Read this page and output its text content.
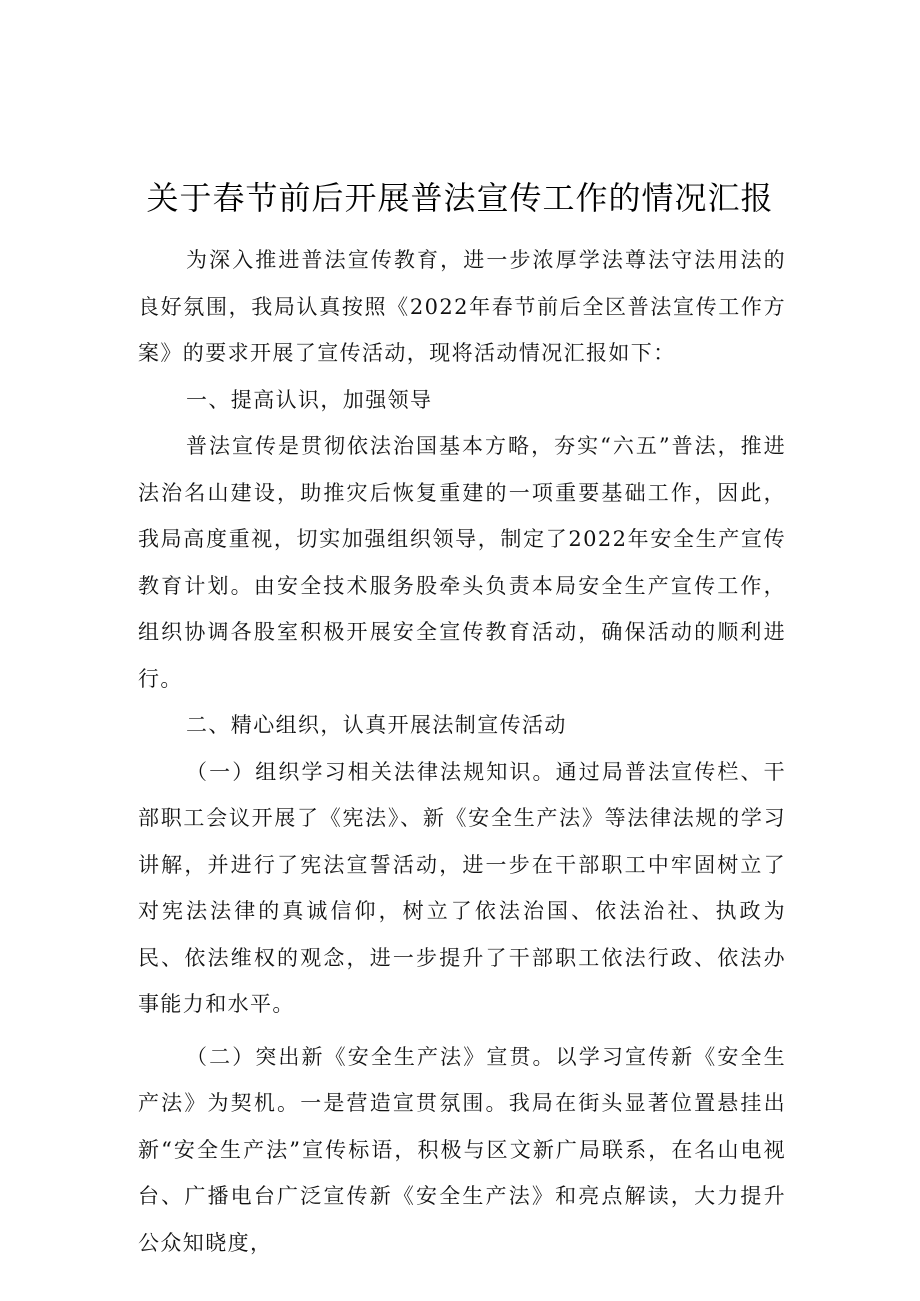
关于春节前后开展普法宣传工作的情况汇报

为深入推进普法宣传教育，进一步浓厚学法尊法守法用法的良好氛围，我局认真按照《2022年春节前后全区普法宣传工作方案》的要求开展了宣传活动，现将活动情况汇报如下：

一、提高认识，加强领导

普法宣传是贯彻依法治国基本方略，夯实“六五”普法，推进法治名山建设，助推灾后恢复重建的一项重要基础工作，因此，我局高度重视，切实加强组织领导，制定了2022年安全生产宣传教育计划。由安全技术服务股牵头负责本局安全生产宣传工作，组织协调各股室积极开展安全宣传教育活动，确保活动的顺利进行。

二、精心组织，认真开展法制宣传活动

（一）组织学习相关法律法规知识。通过局普法宣传栏、干部职工会议开展了《宪法》、新《安全生产法》等法律法规的学习讲解，并进行了宪法宣誓活动，进一步在干部职工中牢固树立了对宪法法律的真诚信仰，树立了依法治国、依法治社、执政为民、依法维权的观念，进一步提升了干部职工依法行政、依法办事能力和水平。

（二）突出新《安全生产法》宣贯。以学习宣传新《安全生产法》为契机。一是营造宣贯氛围。我局在街头显著位置悬挂出新“安全生产法”宣传标语，积极与区文新广局联系，在名山电视台、广播电台广泛宣传新《安全生产法》和亮点解读，大力提升公众知晓度，
